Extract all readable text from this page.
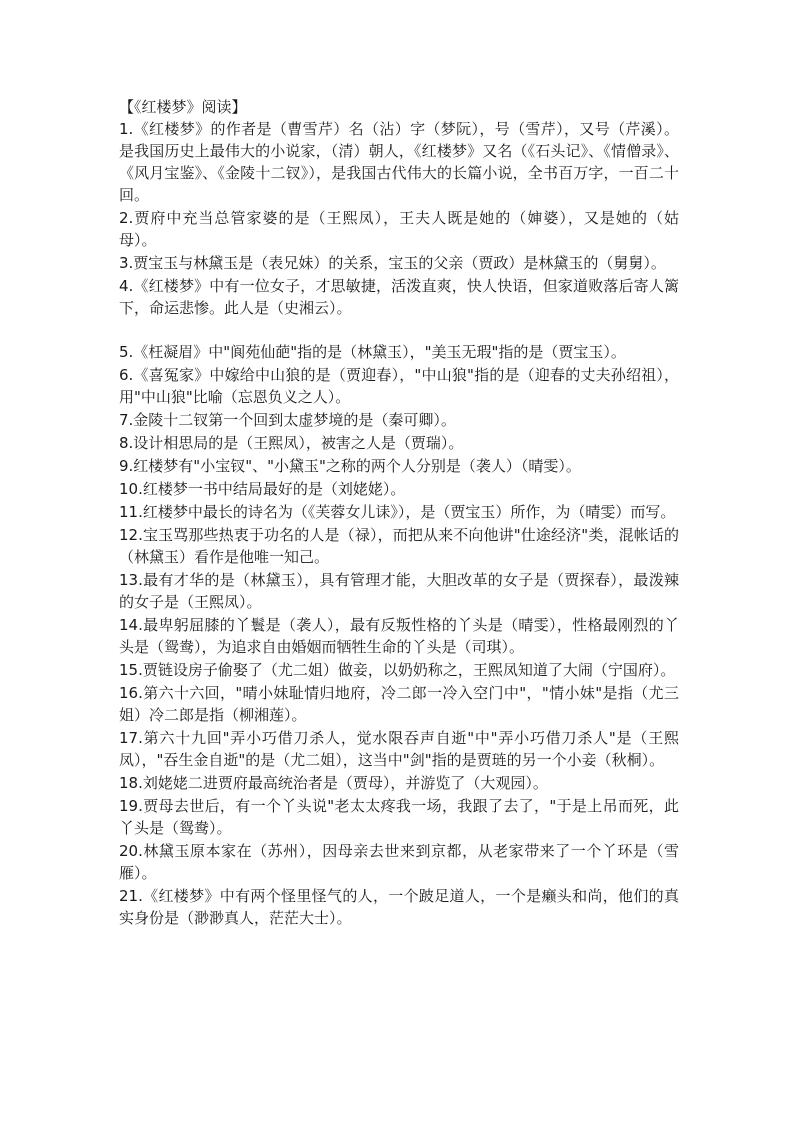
【《红楼梦》阅读】

1.《红楼梦》的作者是（曹雪芹）名（沾）字（梦阮），号（雪芹），又号（芹溪）。是我国历史上最伟大的小说家，（清）朝人，《红楼梦》又名（《石头记》、《情僧录》、《风月宝鉴》、《金陵十二钗》），是我国古代伟大的长篇小说，全书百万字，一百二十回。

2.贾府中充当总管家婆的是（王熙凤），王夫人既是她的（婶婆），又是她的（姑母）。

3.贾宝玉与林黛玉是（表兄妹）的关系，宝玉的父亲（贾政）是林黛玉的（舅舅）。

4.《红楼梦》中有一位女子，才思敏捷，活泼直爽，快人快语，但家道败落后寄人篱下，命运悲惨。此人是（史湘云）。

5.《枉凝眉》中"阆苑仙葩"指的是（林黛玉），"美玉无瑕"指的是（贾宝玉）。

6.《喜冤家》中嫁给中山狼的是（贾迎春），"中山狼"指的是（迎春的丈夫孙绍祖），用"中山狼"比喻（忘恩负义之人）。

7.金陵十二钗第一个回到太虚梦境的是（秦可卿）。

8.设计相思局的是（王熙凤），被害之人是（贾瑞）。

9.红楼梦有"小宝钗"、"小黛玉"之称的两个人分别是（袭人）（晴雯）。

10.红楼梦一书中结局最好的是（刘姥姥）。

11.红楼梦中最长的诗名为（《芙蓉女儿诔》），是（贾宝玉）所作，为（晴雯）而写。

12.宝玉骂那些热衷于功名的人是（禄），而把从来不向他讲"仕途经济"类，混帐话的（林黛玉）看作是他唯一知己。

13.最有才华的是（林黛玉），具有管理才能，大胆改革的女子是（贾探春），最泼辣的女子是（王熙凤）。

14.最卑躬屈膝的丫鬟是（袭人），最有反叛性格的丫头是（晴雯），性格最刚烈的丫头是（鸳鸯），为追求自由婚姻而牺牲生命的丫头是（司琪）。

15.贾链设房子偷娶了（尤二姐）做妾，以奶奶称之，王熙凤知道了大闹（宁国府）。

16.第六十六回，"晴小妹耻情归地府，冷二郎一冷入空门中"，"情小妹"是指（尤三姐）冷二郎是指（柳湘莲）。

17.第六十九回"弄小巧借刀杀人，觉水限吞声自逝"中"弄小巧借刀杀人"是（王熙凤），"吞生金自逝"的是（尤二姐），这当中"剑"指的是贾琏的另一个小妾（秋桐）。

18.刘姥姥二进贾府最高统治者是（贾母），并游览了（大观园）。

19.贾母去世后，有一个丫头说"老太太疼我一场，我跟了去了，"于是上吊而死，此丫头是（鸳鸯）。

20.林黛玉原本家在（苏州），因母亲去世来到京都，从老家带来了一个丫环是（雪雁）。

21.《红楼梦》中有两个怪里怪气的人，一个跛足道人，一个是癞头和尚，他们的真实身份是（渺渺真人，茫茫大士）。
